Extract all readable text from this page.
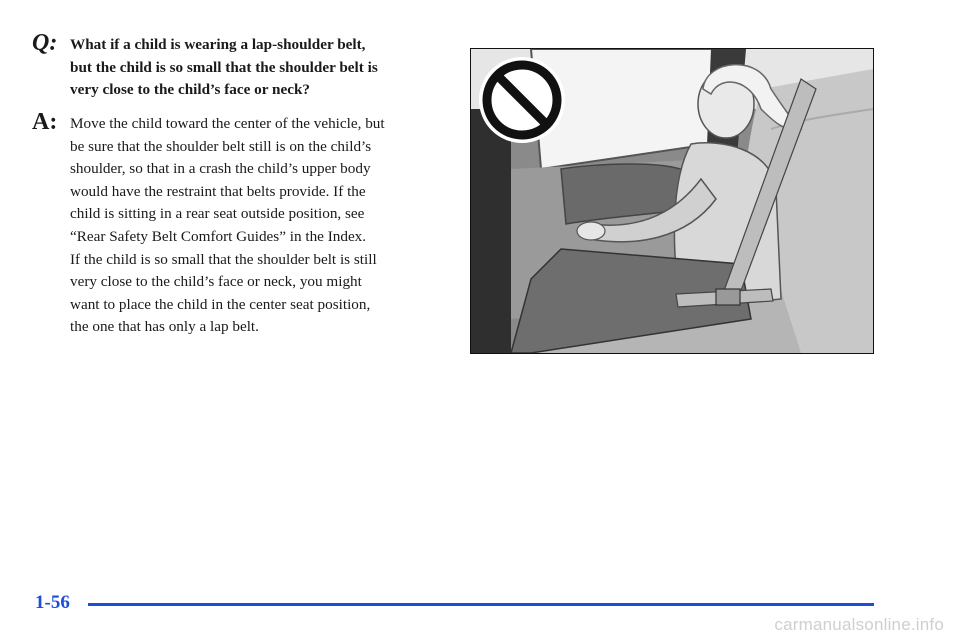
Q: What if a child is wearing a lap-shoulder belt,
but the child is so small that the shoulder belt is
very close to the child’s face or neck?
A: Move the child toward the center of the vehicle, but
be sure that the shoulder belt still is on the child’s
shoulder, so that in a crash the child’s upper body
would have the restraint that belts provide. If the
child is sitting in a rear seat outside position, see
“Rear Safety Belt Comfort Guides” in the Index.
If the child is so small that the shoulder belt is still
very close to the child’s face or neck, you might
want to place the child in the center seat position,
the one that has only a lap belt.
1-56
carmanualsonline.info
